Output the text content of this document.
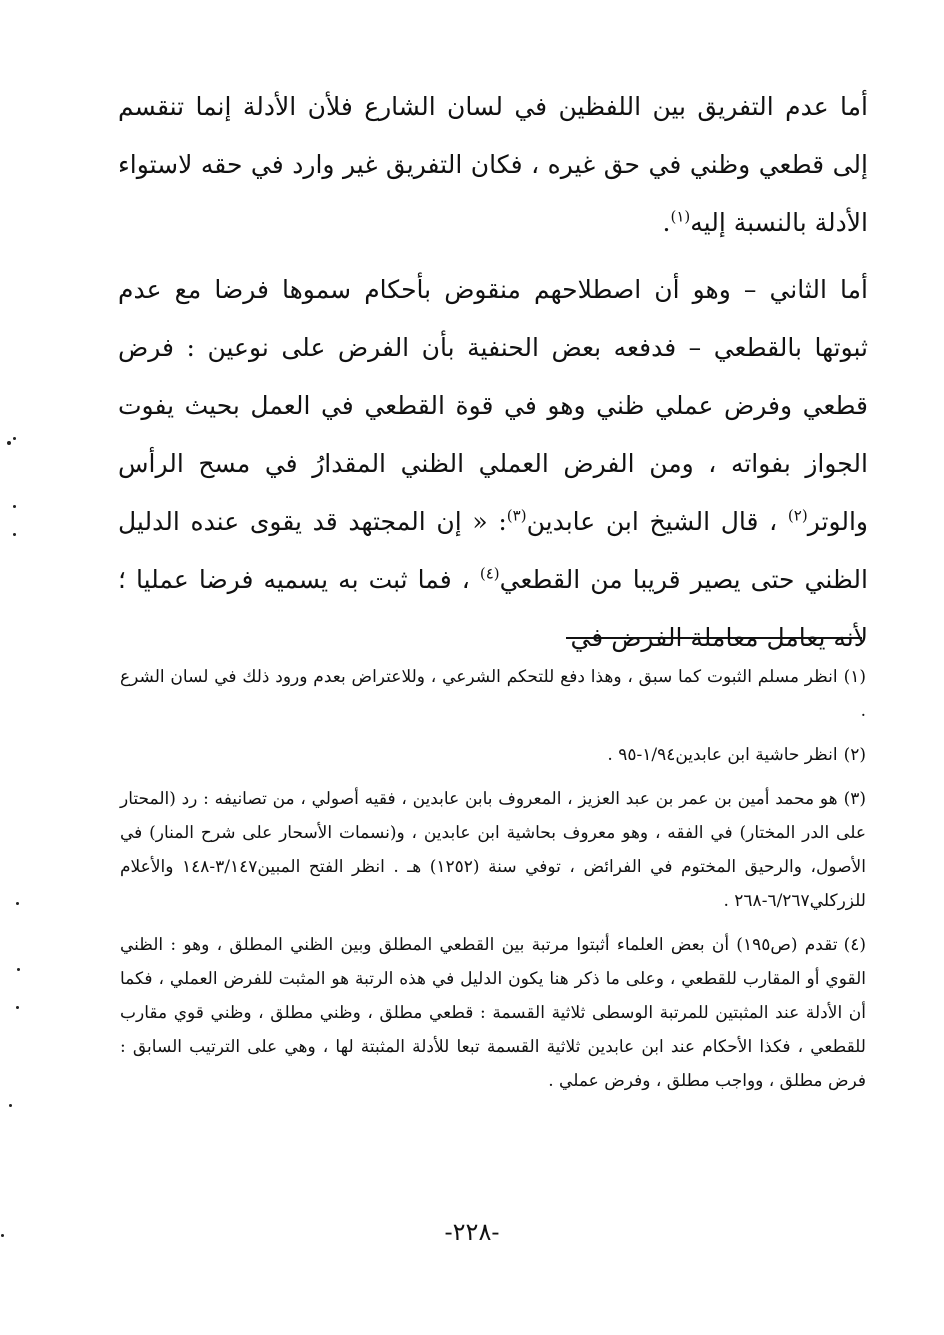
أما عدم التفريق بين اللفظين في لسان الشارع فلأن الأدلة إنما تنقسم إلى قطعي وظني في حق غيره ، فكان التفريق غير وارد في حقه لاستواء الأدلة بالنسبة إليه$^{(١)}$.

أما الثاني – وهو أن اصطلاحهم منقوض بأحكام سموها فرضا مع عدم ثبوتها بالقطعي – فدفعه بعض الحنفية بأن الفرض على نوعين : فرض قطعي وفرض عملي ظني وهو في قوة القطعي في العمل بحيث يفوت الجواز بفواته ، ومن الفرض العملي الظني المقدارُ في مسح الرأس والوتر$^{(٢)}$ ، قال الشيخ ابن عابدين$^{(٣)}$: « إن المجتهد قد يقوى عنده الدليل الظني حتى يصير قريبا من القطعي$^{(٤)}$ ، فما ثبت به يسميه فرضا عمليا ؛ لأنه يعامل معاملة الفرض في

(١)انظر مسلم الثبوت كما سبق ، وهذا دفع للتحكم الشرعي ، وللاعتراض بعدم ورود ذلك في لسان الشرع .

(٢)انظر حاشية ابن عابدين١/٩٤-٩٥ .

(٣)هو محمد أمين بن عمر بن عبد العزيز ، المعروف بابن عابدين ، فقيه أصولي ، من تصانيفه : رد (المحتار على الدر المختار) في الفقه ، وهو معروف بحاشية ابن عابدين ، و(نسمات الأسحار على شرح المنار) في الأصول، والرحيق المختوم في الفرائض ، توفي سنة (١٢٥٢) هـ . انظر الفتح المبين٣/١٤٧-١٤٨ والأعلام للزركلي٦/٢٦٧-٢٦٨ .

(٤)تقدم (ص١٩٥) أن بعض العلماء أثبتوا مرتبة بين القطعي المطلق وبين الظني المطلق ، وهو : الظني القوي أو المقارب للقطعي ، وعلى ما ذكر هنا يكون الدليل في هذه الرتبة هو المثبت للفرض العملي ، فكما أن الأدلة عند المثبتين للمرتبة الوسطى ثلاثية القسمة : قطعي مطلق ، وظني مطلق ، وظني قوي مقارب للقطعي ، فكذا الأحكام عند ابن عابدين ثلاثية القسمة تبعا للأدلة المثبتة لها ، وهي على الترتيب السابق : فرض مطلق ، وواجب مطلق ، وفرض عملي .

-٢٢٨-
